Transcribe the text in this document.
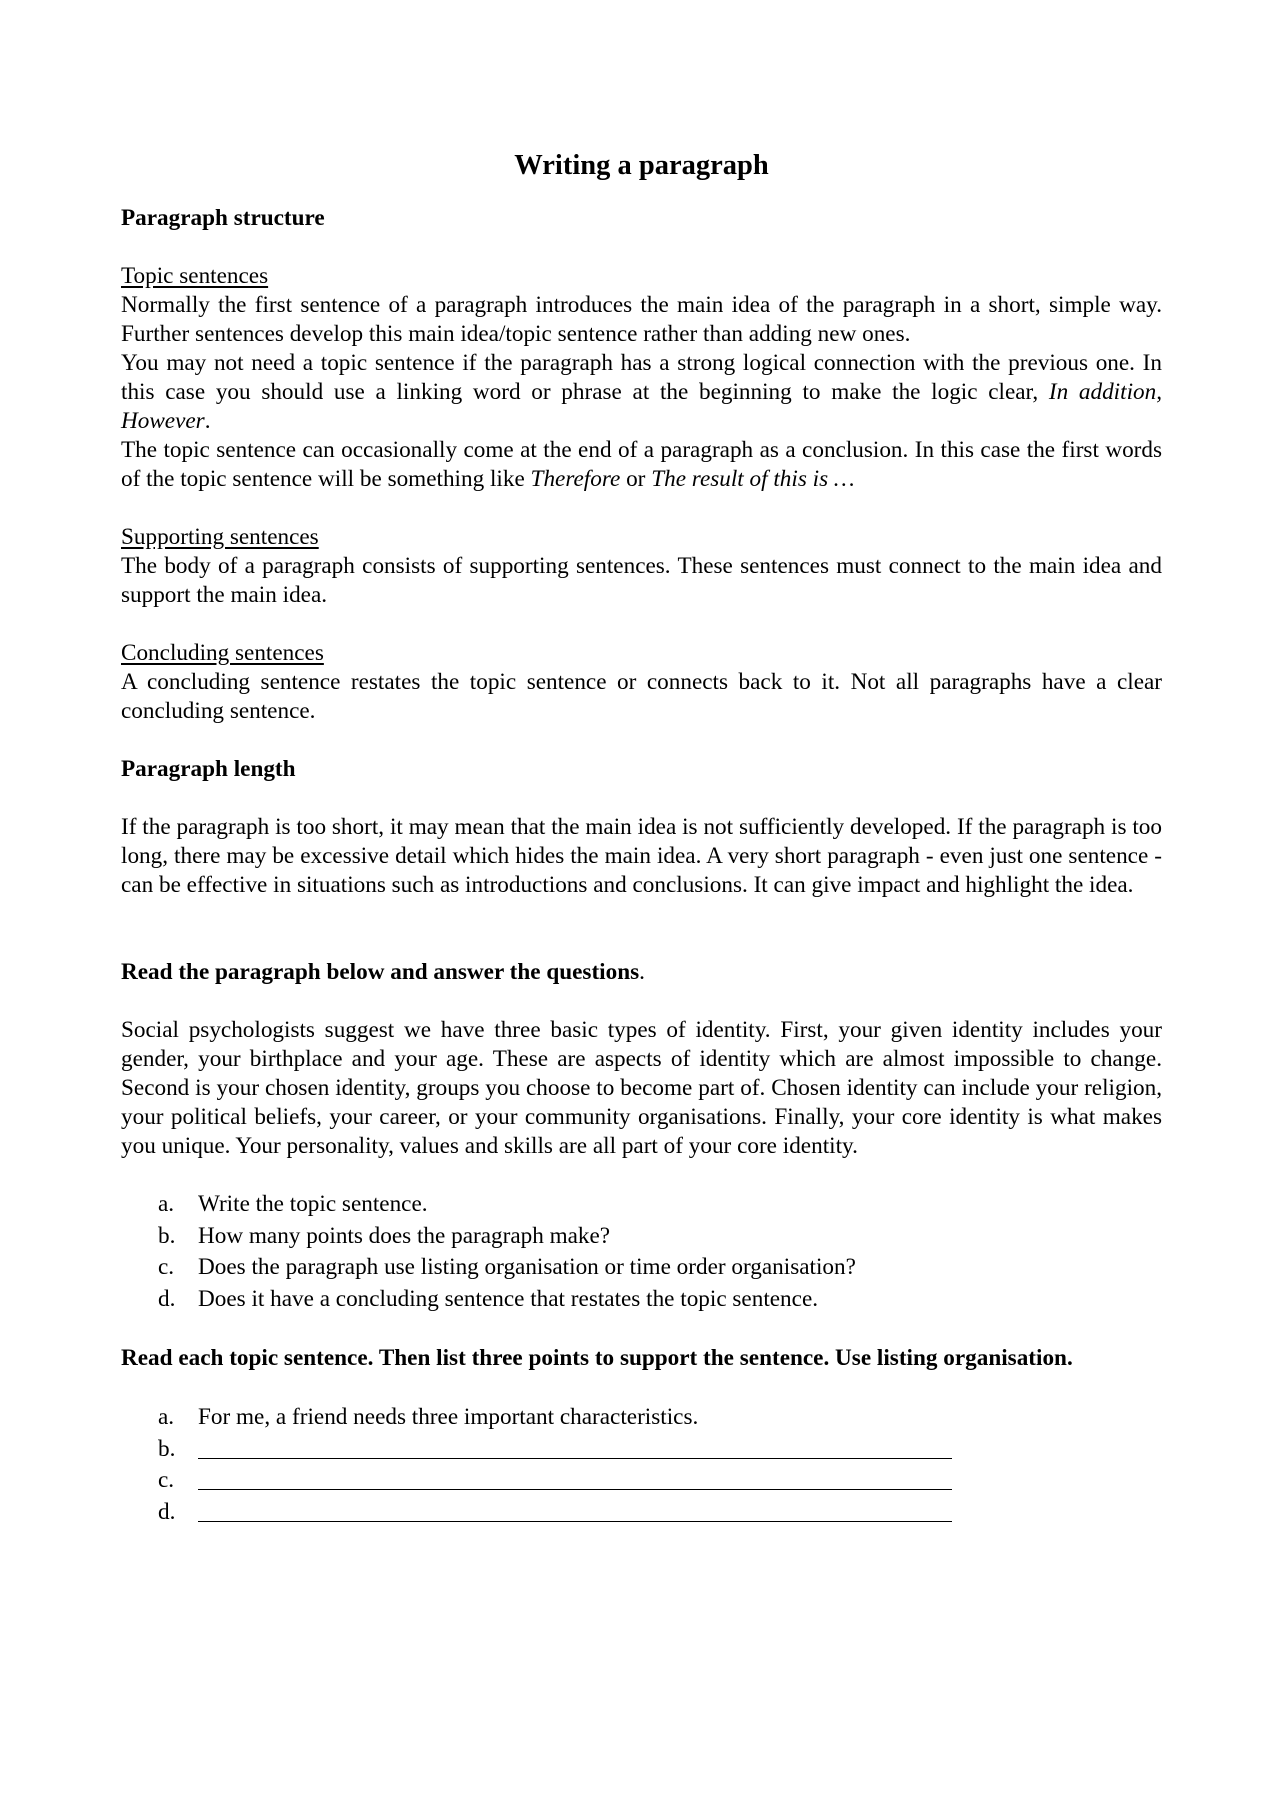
Writing a paragraph
Paragraph structure
Topic sentences

Normally the first sentence of a paragraph introduces the main idea of the paragraph in a short, simple way. Further sentences develop this main idea/topic sentence rather than adding new ones.

You may not need a topic sentence if the paragraph has a strong logical connection with the previous one. In this case you should use a linking word or phrase at the beginning to make the logic clear, In addition, However.

The topic sentence can occasionally come at the end of a paragraph as a conclusion. In this case the first words of the topic sentence will be something like Therefore or The result of this is …

Supporting sentences

The body of a paragraph consists of supporting sentences. These sentences must connect to the main idea and support the main idea.

Concluding sentences

A concluding sentence restates the topic sentence or connects back to it. Not all paragraphs have a clear concluding sentence.

Paragraph length

If the paragraph is too short, it may mean that the main idea is not sufficiently developed. If the paragraph is too long, there may be excessive detail which hides the main idea. A very short paragraph - even just one sentence - can be effective in situations such as introductions and conclusions. It can give impact and highlight the idea.

Read the paragraph below and answer the questions.

Social psychologists suggest we have three basic types of identity. First, your given identity includes your gender, your birthplace and your age. These are aspects of identity which are almost impossible to change. Second is your chosen identity, groups you choose to become part of. Chosen identity can include your religion, your political beliefs, your career, or your community organisations. Finally, your core identity is what makes you unique. Your personality, values and skills are all part of your core identity.

a.	Write the topic sentence.
b. How many points does the paragraph make?
c.	Does the paragraph use listing organisation or time order organisation?
d. Does it have a concluding sentence that restates the topic sentence.

Read each topic sentence. Then list three points to support the sentence. Use listing organisation.

a.	For me, a friend needs three important characteristics.
b.
c.
d.
